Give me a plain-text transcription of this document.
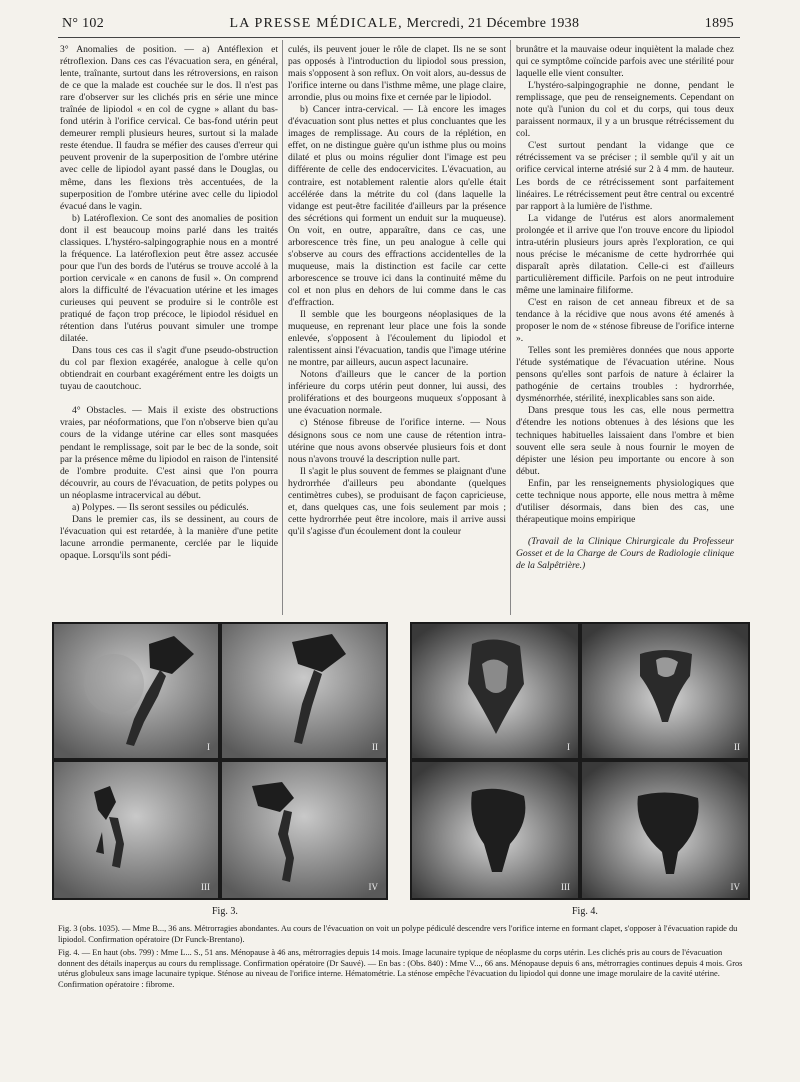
N° 102	LA PRESSE MÉDICALE, Mercredi, 21 Décembre 1938	1895

3° Anomalies de position. — a) Antéflexion et rétroflexion. Dans ces cas l'évacuation sera, en général, lente, traînante, surtout dans les rétroversions, en raison de ce que la malade est couchée sur le dos. Il n'est pas rare d'observer sur les clichés pris en série une mince traînée de lipiodol « en col de cygne » allant du bas-fond utérin à l'orifice cervical. Ce bas-fond utérin peut demeurer rempli plusieurs heures, surtout si la malade reste étendue. Il faudra se méfier des causes d'erreur qui peuvent provenir de la superposition de l'ombre utérine avec celle de lipiodol ayant passé dans le Douglas, ou même, dans les flexions très accentuées, de la superposition de l'ombre utérine avec celle du lipiodol évacué dans le vagin.

b) Latéroflexion. Ce sont des anomalies de position dont il est beaucoup moins parlé dans les traités classiques. L'hystéro-salpingographie nous en a montré la fréquence. La latéroflexion peut être assez accusée pour que l'un des bords de l'utérus se trouve accolé à la portion cervicale « en canons de fusil ». On comprend alors la difficulté de l'évacuation utérine et les images curieuses qui peuvent se produire si le contrôle est pratiqué de façon trop précoce, le lipiodol résiduel en rétention dans l'utérus pouvant simuler une trompe dilatée.

Dans tous ces cas il s'agit d'une pseudo-obstruction du col par flexion exagérée, analogue à celle qu'on obtiendrait en courbant exagérément entre les doigts un tuyau de caoutchouc.

4° Obstacles. — Mais il existe des obstructions vraies, par néoformations, que l'on n'observe bien qu'au cours de la vidange utérine car elles sont masquées pendant le remplissage, soit par le bec de la sonde, soit par la présence même du lipiodol en raison de l'intensité de l'ombre produite. C'est ainsi que l'on pourra découvrir, au cours de l'évacuation, de petits polypes ou un néoplasme intracervical au début.

a) Polypes. — Ils seront sessiles ou pédiculés.

Dans le premier cas, ils se dessinent, au cours de l'évacuation qui est retardée, à la manière d'une petite lacune arrondie permanente, cerclée par le liquide opaque. Lorsqu'ils sont pédi-

culés, ils peuvent jouer le rôle de clapet. Ils ne se sont pas opposés à l'introduction du lipiodol sous pression, mais s'opposent à son reflux. On voit alors, au-dessus de l'orifice interne ou dans l'isthme même, une plage claire, arrondie, plus ou moins fixe et cernée par le lipiodol.

b) Cancer intra-cervical. — Là encore les images d'évacuation sont plus nettes et plus concluantes que les images de remplissage. Au cours de la réplétion, en effet, on ne distingue guère qu'un isthme plus ou moins dilaté et plus ou moins régulier dont l'image est peu différente de celle des endocervicites. L'évacuation, au contraire, est notablement ralentie alors qu'elle était accélérée dans la métrite du col (dans laquelle la vidange est peut-être facilitée d'ailleurs par la présence des sécrétions qui forment un enduit sur la muqueuse). On voit, en outre, apparaître, dans ce cas, une arborescence très fine, un peu analogue à celle qui s'observe au cours des effractions accidentelles de la muqueuse, mais la distinction est facile car cette arborescence se trouve ici dans la continuité même du col et non plus en dehors de lui comme dans le cas d'effraction.

Il semble que les bourgeons néoplasiques de la muqueuse, en reprenant leur place une fois la sonde enlevée, s'opposent à l'écoulement du lipiodol et ralentissent ainsi l'évacuation, tandis que l'image utérine ne montre, par ailleurs, aucun aspect lacunaire.

Notons d'ailleurs que le cancer de la portion inférieure du corps utérin peut donner, lui aussi, des proliférations et des bourgeons muqueux s'opposant à une évacuation normale.

c) Sténose fibreuse de l'orifice interne. — Nous désignons sous ce nom une cause de rétention intra-utérine que nous avons observée plusieurs fois et dont nous n'avons trouvé la description nulle part.

Il s'agit le plus souvent de femmes se plaignant d'une hydrorrhée d'ailleurs peu abondante (quelques centimètres cubes), se produisant de façon capricieuse, et, dans quelques cas, une fois seulement par mois ; cette hydrorrhée peut être incolore, mais il arrive aussi qu'il s'agisse d'un écoulement dont la couleur

brunâtre et la mauvaise odeur inquiètent la malade chez qui ce symptôme coïncide parfois avec une stérilité pour laquelle elle vient consulter.

L'hystéro-salpingographie ne donne, pendant le remplissage, que peu de renseignements. Cependant on note qu'à l'union du col et du corps, qui tous deux paraissent normaux, il y a un brusque rétrécissement du col.

C'est surtout pendant la vidange que ce rétrécissement va se préciser ; il semble qu'il y ait un orifice cervical interne atrésié sur 2 à 4 mm. de hauteur. Les bords de ce rétrécissement sont parfaitement linéaires. Le rétrécissement peut être central ou excentré par rapport à la lumière de l'isthme.

La vidange de l'utérus est alors anormalement prolongée et il arrive que l'on trouve encore du lipiodol intra-utérin plusieurs jours après l'exploration, ce qui nous précise le mécanisme de cette hydrorrhée qui disparaît après dilatation. Celle-ci est d'ailleurs particulièrement difficile. Parfois on ne peut introduire même une laminaire filiforme.

C'est en raison de cet anneau fibreux et de sa tendance à la récidive que nous avons été amenés à proposer le nom de « sténose fibreuse de l'orifice interne ».

Telles sont les premières données que nous apporte l'étude systématique de l'évacuation utérine. Nous pensons qu'elles sont parfois de nature à éclairer la pathogénie de certains troubles : hydrorrhée, dysménorrhée, stérilité, inexplicables sans son aide.

Dans presque tous les cas, elle nous permettra d'étendre les notions obtenues à des lésions que les techniques habituelles laissaient dans l'ombre et bien souvent elle sera seule à nous fournir le moyen de dépister une lésion peu importante ou encore à son début.

Enfin, par les renseignements physiologiques que cette technique nous apporte, elle nous mettra à même d'utiliser désormais, dans bien des cas, une thérapeutique moins empirique

(Travail de la Clinique Chirurgicale du Professeur Gosset et de la Charge de Cours de Radiologie clinique de la Salpêtrière.)

I	II
III	IV
Fig. 3.
I	II
III	IV
Fig. 4.
Fig. 3 (obs. 1035). — Mme B..., 36 ans. Métrorragies abondantes. Au cours de l'évacuation on voit un polype pédiculé descendre vers l'orifice interne en formant clapet, s'opposer à l'évacuation rapide du lipiodol. Confirmation opératoire (Dr Funck-Brentano).
Fig. 4. — En haut (obs. 799) : Mme L... S., 51 ans. Ménopause à 46 ans, métrorragies depuis 14 mois. Image lacunaire typique de néoplasme du corps utérin. Les clichés pris au cours de l'évacuation donnent des détails inaperçus au cours du remplissage. Confirmation opératoire (Dr Sauvé). — En bas : (Obs. 840) : Mme V..., 66 ans. Ménopause depuis 6 ans, métrorragies continues depuis 4 mois. Gros utérus globuleux sans image lacunaire typique. Sténose au niveau de l'orifice interne. Hématométrie. La sténose empêche l'évacuation du lipiodol qui donne une image morulaire de la cavité utérine. Confirmation opératoire : fibrome.
